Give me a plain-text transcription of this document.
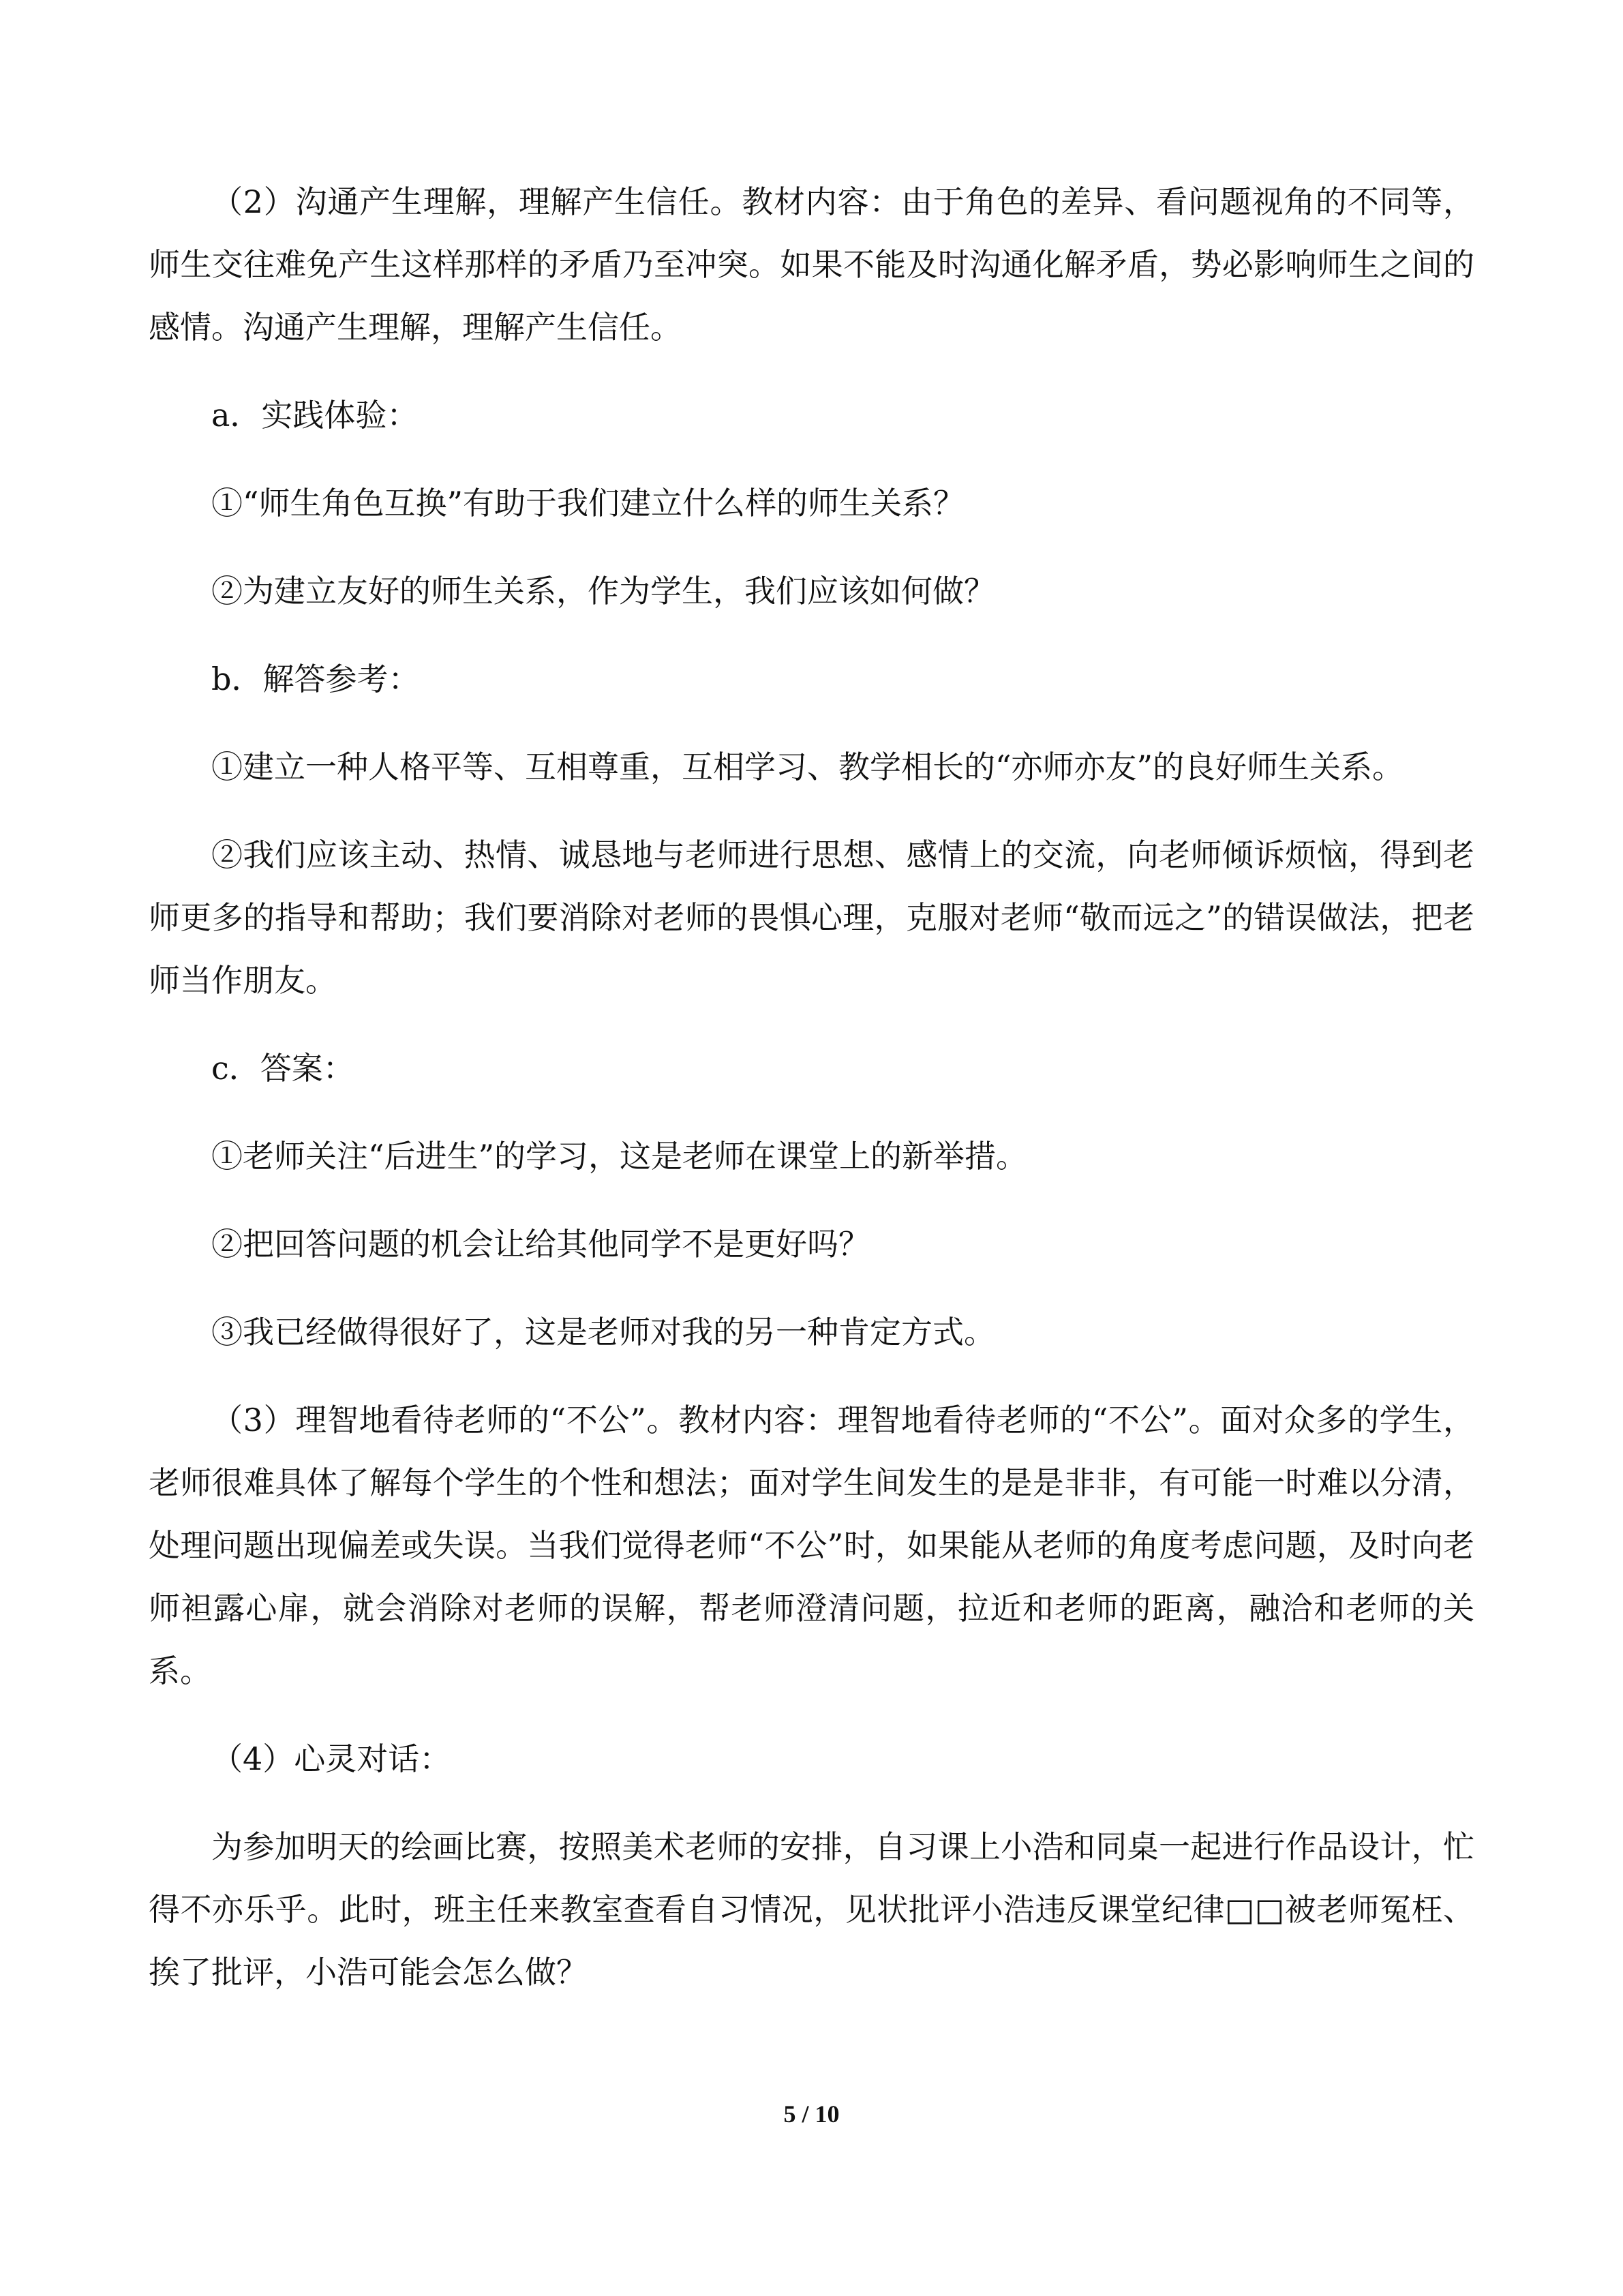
（2）沟通产生理解，理解产生信任。教材内容：由于角色的差异、看问题视角的不同等，师生交往难免产生这样那样的矛盾乃至冲突。如果不能及时沟通化解矛盾，势必影响师生之间的感情。沟通产生理解，理解产生信任。

a．实践体验：

①“师生角色互换”有助于我们建立什么样的师生关系？

②为建立友好的师生关系，作为学生，我们应该如何做？

b．解答参考：

①建立一种人格平等、互相尊重，互相学习、教学相长的“亦师亦友”的良好师生关系。

②我们应该主动、热情、诚恳地与老师进行思想、感情上的交流，向老师倾诉烦恼，得到老师更多的指导和帮助；我们要消除对老师的畏惧心理，克服对老师“敬而远之”的错误做法，把老师当作朋友。

c．答案：

①老师关注“后进生”的学习，这是老师在课堂上的新举措。

②把回答问题的机会让给其他同学不是更好吗？

③我已经做得很好了，这是老师对我的另一种肯定方式。

（3）理智地看待老师的“不公”。教材内容：理智地看待老师的“不公”。面对众多的学生，老师很难具体了解每个学生的个性和想法；面对学生间发生的是是非非，有可能一时难以分清，处理问题出现偏差或失误。当我们觉得老师“不公”时，如果能从老师的角度考虑问题，及时向老师袒露心扉，就会消除对老师的误解，帮老师澄清问题，拉近和老师的距离，融洽和老师的关系。

（4）心灵对话：

为参加明天的绘画比赛，按照美术老师的安排，自习课上小浩和同桌一起进行作品设计，忙得不亦乐乎。此时，班主任来教室查看自习情况，见状批评小浩违反课堂纪律□□被老师冤枉、挨了批评，小浩可能会怎么做？

5 / 10
